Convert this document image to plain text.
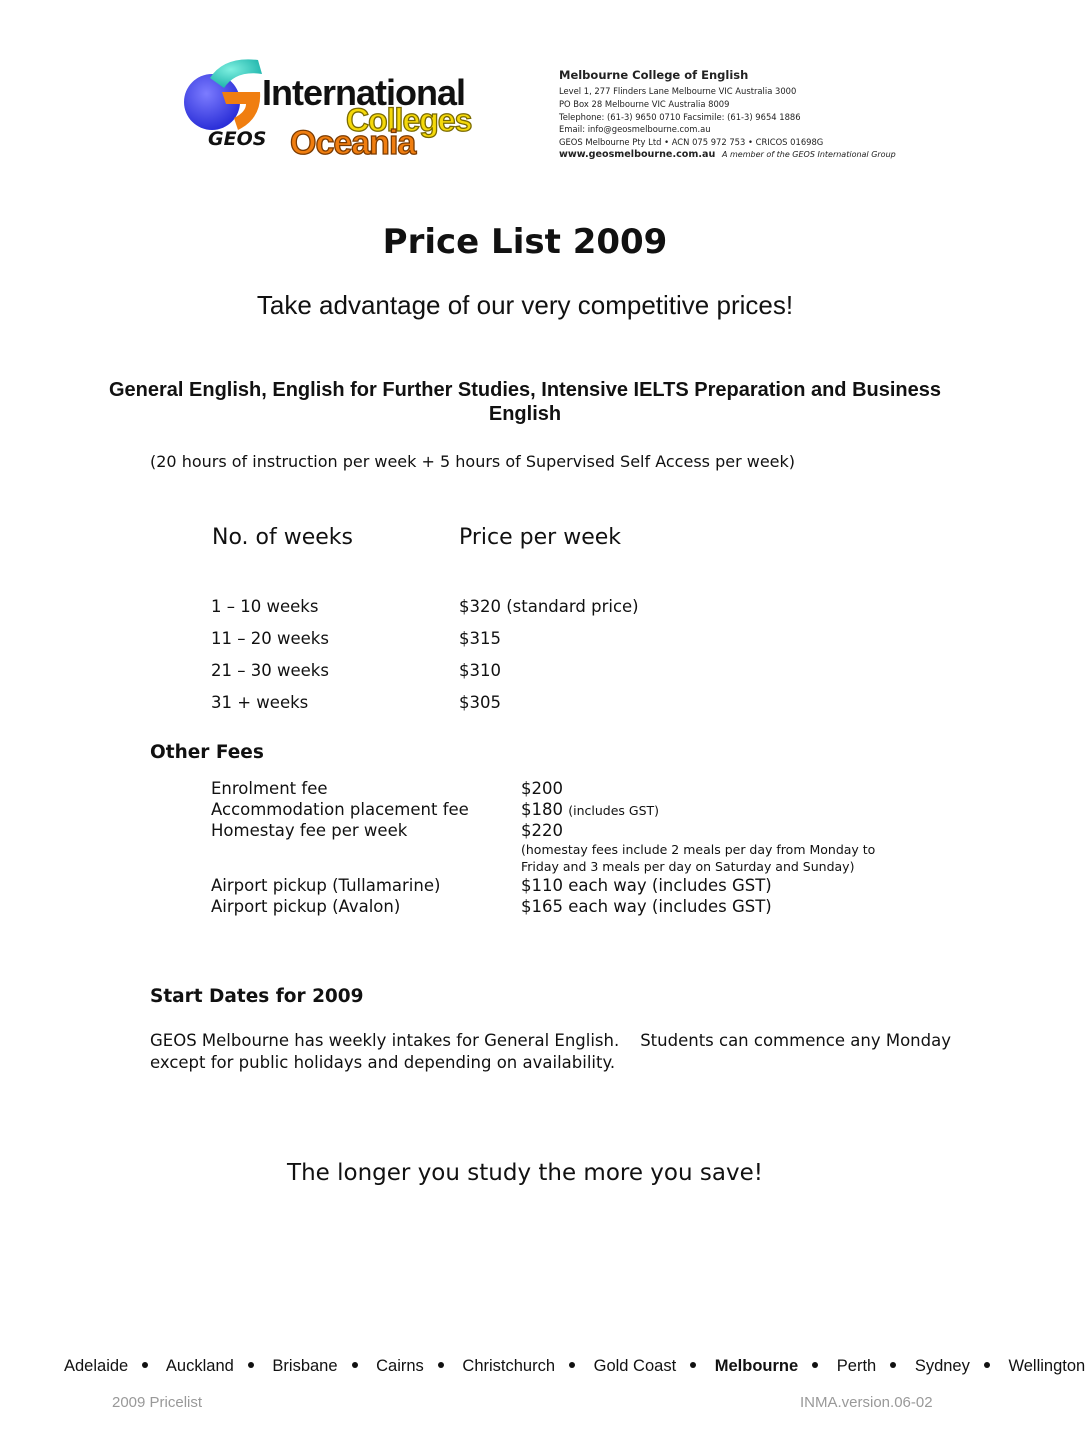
GEOS
International
Colleges
Oceania
Melbourne College of English
Level 1, 277 Flinders Lane Melbourne VIC Australia 3000
PO Box 28 Melbourne VIC Australia 8009
Telephone: (61-3) 9650 0710 Facsimile: (61-3) 9654 1886
Email: info@geosmelbourne.com.au
GEOS Melbourne Pty Ltd • ACN 075 972 753 • CRICOS 01698G
www.geosmelbourne.com.au A member of the GEOS International Group
Price List 2009
Take advantage of our very competitive prices!
General English, English for Further Studies, Intensive IELTS Preparation and Business English
(20 hours of instruction per week + 5 hours of Supervised Self Access per week)
No. of weeks	Price per week
1 – 10 weeks	$320 (standard price)
11 – 20 weeks	$315
21 – 30 weeks	$310
31 + weeks	$305
Other Fees
Enrolment fee	$200
Accommodation placement fee	$180 (includes GST)
Homestay fee per week	$220
(homestay fees include 2 meals per day from Monday to
Friday and 3 meals per day on Saturday and Sunday)
Airport pickup (Tullamarine)	$110 each way (includes GST)
Airport pickup (Avalon)	$165 each way (includes GST)
Start Dates for 2009
GEOS Melbourne has weekly intakes for General English.    Students can commence any Monday except for public holidays and depending on availability.
The longer you study the more you save!
Adelaide Auckland Brisbane Cairns Christchurch Gold Coast Melbourne Perth Sydney Wellington
2009 Pricelist	INMA.version.06-02
